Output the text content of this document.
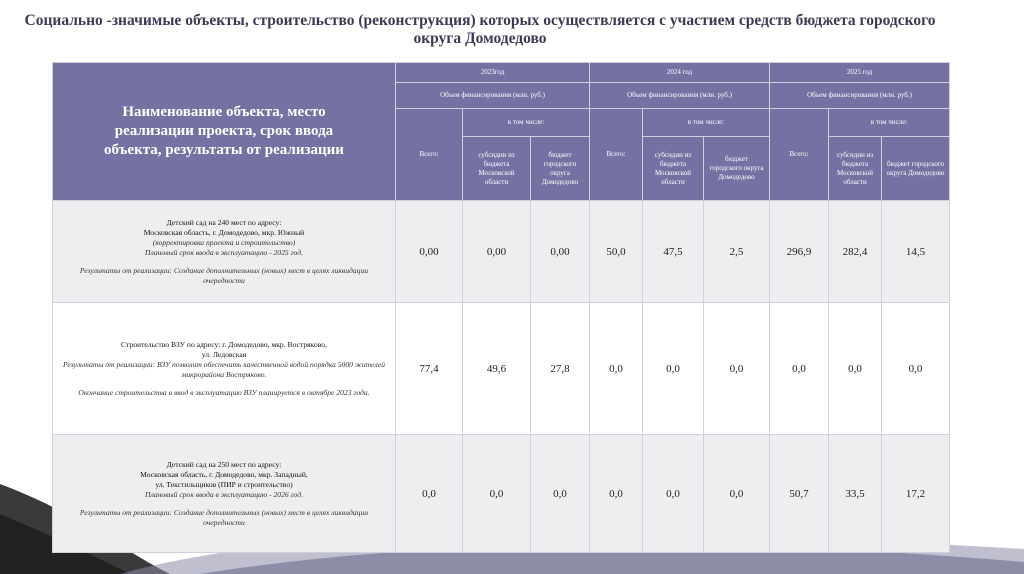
Социально -значимые объекты, строительство (реконструкция) которых осуществляется с участием средств бюджета городского округа Домодедово
Наименование объекта, место реализации проекта, срок ввода объекта, результаты от реализации	2023год			2024 год			2025 год		
	Объем финансирования (млн. руб.)			Объем финансирования (млн. руб.)			Объем финансирования (млн. руб.)		
	Всего:	в том числе:		Всего:	в том числе:		Всего:	в том числе:	
		субсидии из бюджета Московской области	бюджет городского округа Домодедово		субсидии из бюджета Московской области	бюджет городского округа Домодедово		субсидии из бюджета Московской области	бюджет городского округа Домодедово

Детский сад на 240 мест по адресу:
Московская область, г. Домодедово, мкр. Южный
(корректировка проекта и строительство)
Плановый срок ввода в эксплуатацию - 2025 год.
Результаты от реализации: Создание дополнительных (новых) мест в целях ликвидации очередности	0,00	0,00	0,00	50,0	47,5	2,5	296,9	282,4	14,5

Строительство ВЗУ по адресу: г. Домодедово, мкр. Востряково,
ул. Ледовская
Результаты от реализации: ВЗУ позволит обеспечить качественной водой порядка 5000 жителей микрорайона Востряково.
Окончание строительства и ввод в эксплуатацию ВЗУ планируется в октябре 2023 года.	77,4	49,6	27,8	0,0	0,0	0,0	0,0	0,0	0,0

Детский сад на 250 мест по адресу:
Московская область, г. Домодедово, мкр. Западный,
ул. Текстильщиков (ПИР и строительство)
Плановый срок ввода в эксплуатацию - 2026 год.
Результаты от реализации: Создание дополнительных (новых) мест в целях ликвидации очередности	0,0	0,0	0,0	0,0	0,0	0,0	50,7	33,5	17,2
